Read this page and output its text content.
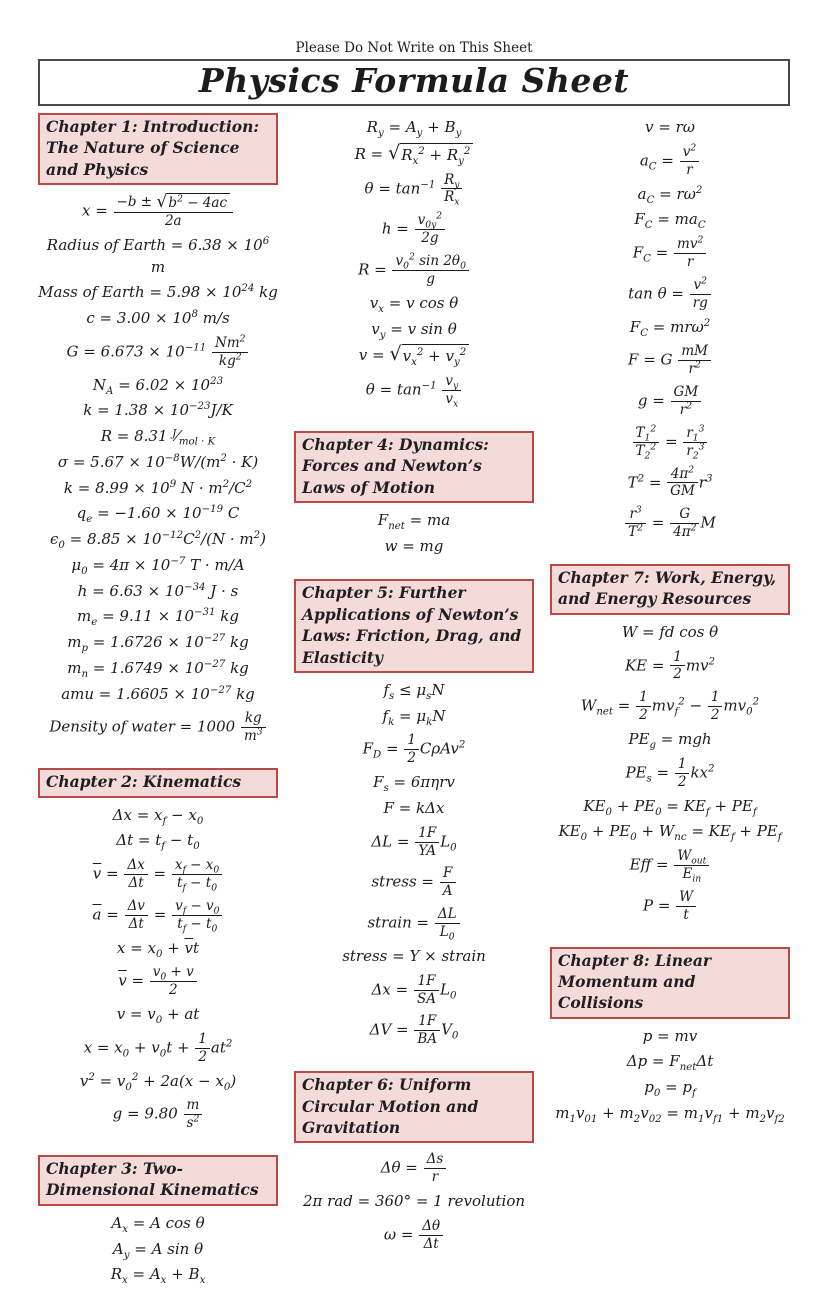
Please Do Not Write on This Sheet
Physics Formula Sheet
Chapter 1: Introduction: The Nature of Science and Physics
$x = \frac{-b \pm √ b^2 - 4ac}{2a}$
Radius of Earth = $6.38 \times 10^6$ m
Mass of Earth = $5.98 \times 10^{24}$ kg
$c = 3.00 \times 10^8$ m/s
$G = 6.673 \times 10^{-11} \frac{Nm^2}{kg^2}$
$N_A = 6.02 \times 10^{23}$
$k = 1.38 \times 10^{-23}J/K$
R = 8.31 $^J⁄_{mol \cdot K}$
$\sigma = 5.67 \times 10^{-8}W/(m^2 \cdot K)$
$k = 8.99 \times 10^9$ $N \cdot m^2/C^2$
$q_e = -1.60 \times 10^{-19}$ C
$\epsilon_0 = 8.85 \times 10^{-12}C^2/(N \cdot m^2)$
$\mu_0 = 4\pi \times 10^{-7}$ T · m/A
$h = 6.63 \times 10^{-34}$ J · s
$m_e = 9.11 \times 10^{-31}$ kg
$m_p = 1.6726 \times 10^{-27}$ kg
$m_n = 1.6749 \times 10^{-27}$ kg
amu = $1.6605 \times 10^{-27}$ kg
Density of water = $1000 \frac{kg}{m^3}$
Chapter 2: Kinematics
$\Delta x = x_f - x_0$
$\Delta t = t_f - t_0$
$\overline{v} = \frac{\Delta x}{\Delta t} = \frac{x_f - x_0}{t_f - t_0}$
$\overline{a} = \frac{\Delta v}{\Delta t} = \frac{v_f - v_0}{t_f - t_0}$
$x = x_0 + \overline{v}t$
$\overline{v} = \frac{v_0 + v}{2}$
$v = v_0$ + at
$x = x_0 + v_0t + \frac{1}{2} at^2$
$v^2 = v_0^2 + 2a(x - x_0)$
$g = 9.80 \frac{m}{s^2}$
Chapter 3: Two-Dimensional Kinematics
$A_x = A$ cos θ
$A_y = A$ sin θ
$R_x = A_x + B_x$
$R_y = A_y + B_y$
R = √ $R_x^2 + R_y^2$
$\theta = \tan^{-1} \frac{R_y}{R_x}$
$h = \frac{v_{0y}^2}{2g}$
$R = \frac{v_0^2 \sin 2\theta_0}{g}$
$v_x = v$ cos θ
$v_y = v$ sin θ
v = √ $v_x^2 + v_y^2$
$\theta = \tan^{-1} \frac{v_y}{v_x}$
Chapter 4: Dynamics: Forces and Newton’s Laws of Motion
$F_{net}$ = ma
w = mg
Chapter 5: Further Applications of Newton’s Laws: Friction, Drag, and Elasticity
$f_s \le \mu_sN$
$f_k = \mu_kN$
$F_D = \frac{1}{2} C\rho Av^2$
$F_s = 6\pi\eta rv$
F = kΔx
$\Delta L = \frac{1F}{YA} L_0$
stress = $\frac{F}{A}$
strain = $\frac{\Delta L}{L_0}$
stress = Y × strain
$\Delta x = \frac{1F}{SA} L_0$
$\Delta V = \frac{1F}{BA} V_0$
Chapter 6: Uniform Circular Motion and Gravitation
$\Delta\theta = \frac{\Delta s}{r}$
2π rad = 360° = 1 revolution
$\omega = \frac{\Delta\theta}{\Delta t}$
v = rω
$a_C = \frac{v^2}{r}$
$a_C = r\omega^2$
$F_C = ma_C$
$F_C = \frac{mv^2}{r}$
$\tan \theta = \frac{v^2}{rg}$
$F_C = mr\omega^2$
F = G $\frac{mM}{r^2}$
$g = \frac{GM}{r^2}$
$\frac{T_1^2}{T_2^2} = \frac{r_1^3}{r_2^3}$
$T^2 = \frac{4\pi^2}{GM} r^3$
$\frac{r^3}{T^2} = \frac{G}{4\pi^2}$ M
Chapter 7: Work, Energy, and Energy Resources
W = fd cos θ
KE = $\frac{1}{2} mv^2$
$W_{net} = \frac{1}{2} mv_f^2 - \frac{1}{2} mv_0^2$
$PE_g$ = mgh
$PE_s = \frac{1}{2} kx^2$
$KE_0 + PE_0 = KE_f + PE_f$
$KE_0 + PE_0 + W_{nc} = KE_f + PE_f$
Eff = $\frac{W_{out}}{E_{in}}$
$P = \frac{W}{t}$
Chapter 8: Linear Momentum and Collisions
p = mv
$\Delta p = F_{net}\Delta t$
$p_0 = p_f$
$m_1v_{01} + m_2v_{02} = m_1v_{f1} + m_2v_{f2}$
